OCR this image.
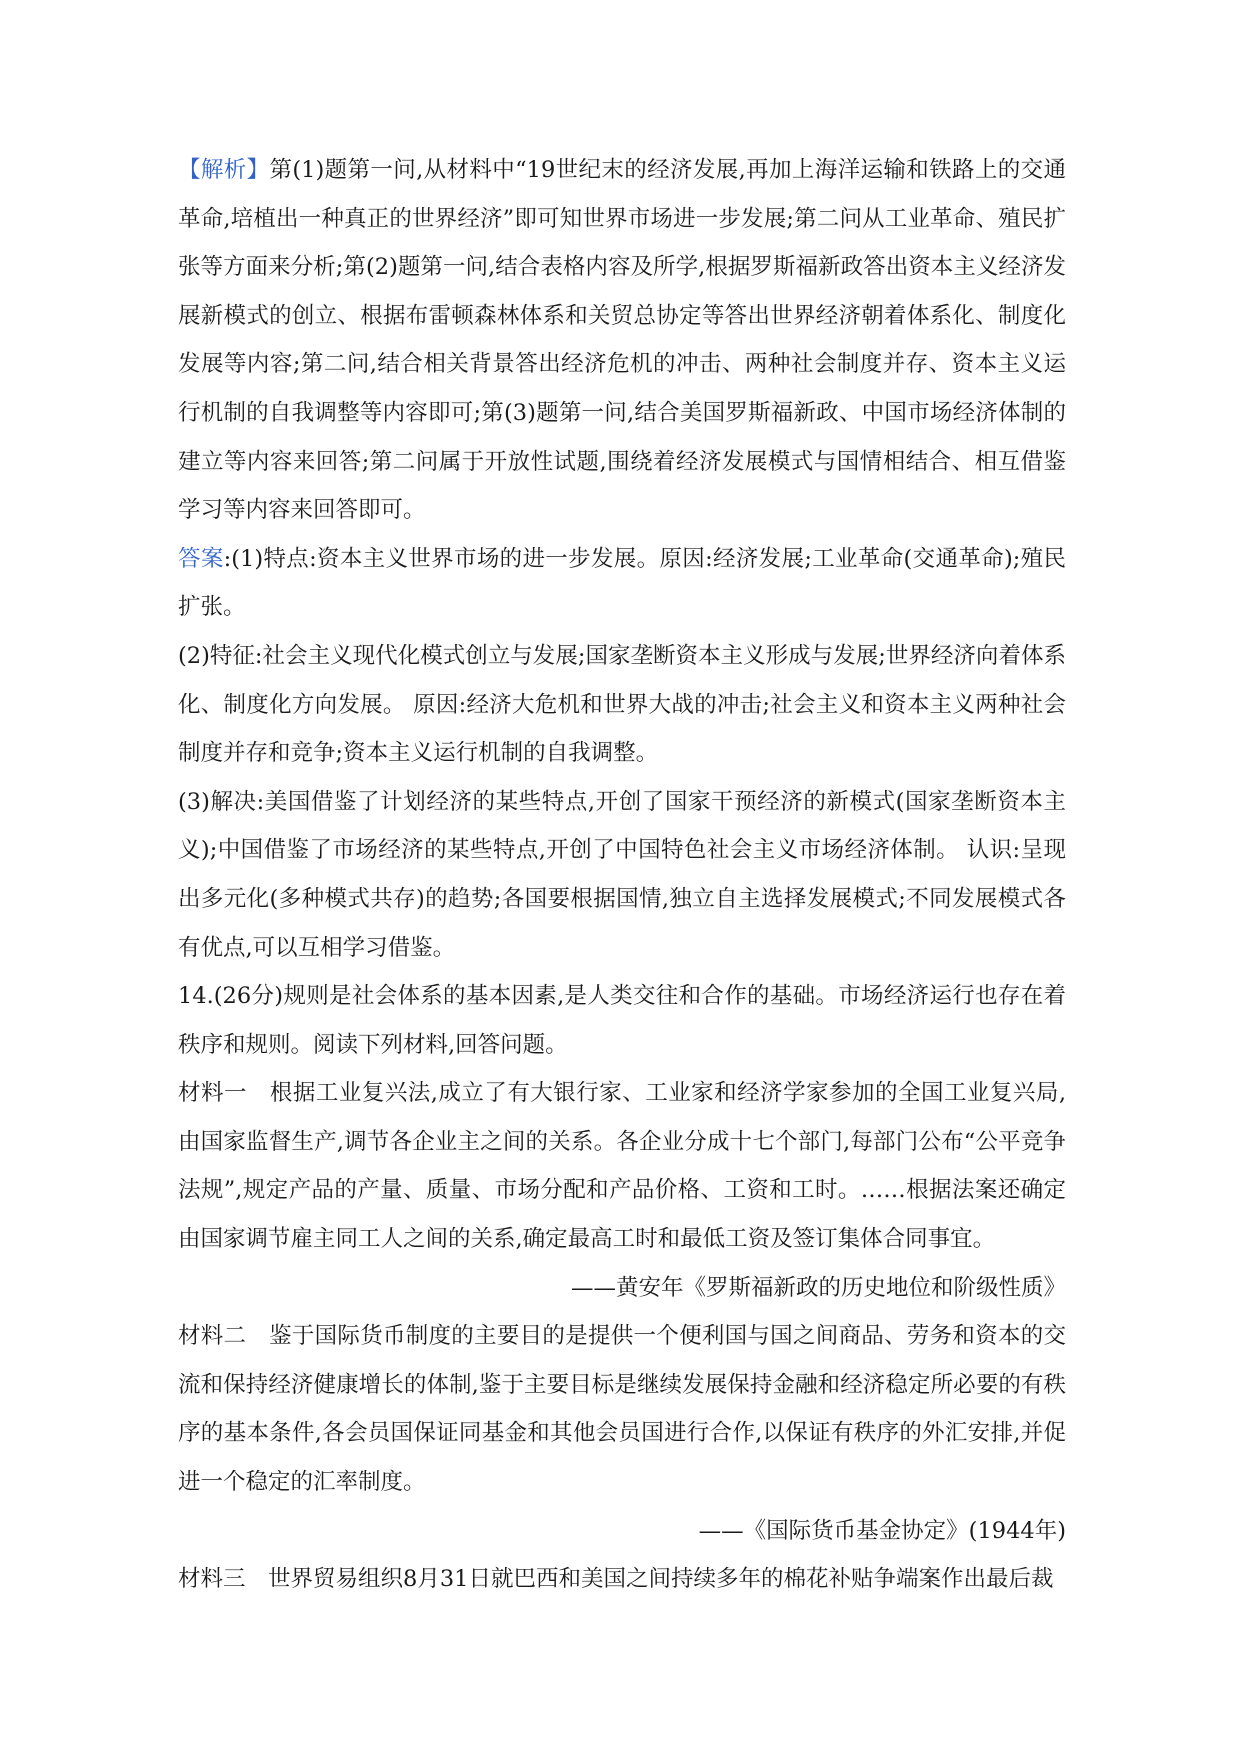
【解析】第(1)题第一问,从材料中“19世纪末的经济发展,再加上海洋运输和铁路上的交通革命,培植出一种真正的世界经济”即可知世界市场进一步发展;第二问从工业革命、殖民扩张等方面来分析;第(2)题第一问,结合表格内容及所学,根据罗斯福新政答出资本主义经济发展新模式的创立、根据布雷顿森林体系和关贸总协定等答出世界经济朝着体系化、制度化发展等内容;第二问,结合相关背景答出经济危机的冲击、两种社会制度并存、资本主义运行机制的自我调整等内容即可;第(3)题第一问,结合美国罗斯福新政、中国市场经济体制的建立等内容来回答;第二问属于开放性试题,围绕着经济发展模式与国情相结合、相互借鉴学习等内容来回答即可。

答案:(1)特点:资本主义世界市场的进一步发展。原因:经济发展;工业革命(交通革命);殖民扩张。

(2)特征:社会主义现代化模式创立与发展;国家垄断资本主义形成与发展;世界经济向着体系化、制度化方向发展。 原因:经济大危机和世界大战的冲击;社会主义和资本主义两种社会制度并存和竞争;资本主义运行机制的自我调整。

(3)解决:美国借鉴了计划经济的某些特点,开创了国家干预经济的新模式(国家垄断资本主义);中国借鉴了市场经济的某些特点,开创了中国特色社会主义市场经济体制。 认识:呈现出多元化(多种模式共存)的趋势;各国要根据国情,独立自主选择发展模式;不同发展模式各有优点,可以互相学习借鉴。

14.(26分)规则是社会体系的基本因素,是人类交往和合作的基础。市场经济运行也存在着秩序和规则。阅读下列材料,回答问题。

材料一　根据工业复兴法,成立了有大银行家、工业家和经济学家参加的全国工业复兴局,由国家监督生产,调节各企业主之间的关系。各企业分成十七个部门,每部门公布“公平竞争法规”,规定产品的产量、质量、市场分配和产品价格、工资和工时。……根据法案还确定由国家调节雇主同工人之间的关系,确定最高工时和最低工资及签订集体合同事宜。

——黄安年《罗斯福新政的历史地位和阶级性质》

材料二　鉴于国际货币制度的主要目的是提供一个便利国与国之间商品、劳务和资本的交流和保持经济健康增长的体制,鉴于主要目标是继续发展保持金融和经济稳定所必要的有秩序的基本条件,各会员国保证同基金和其他会员国进行合作,以保证有秩序的外汇安排,并促进一个稳定的汇率制度。

——《国际货币基金协定》(1944年)

材料三　世界贸易组织8月31日就巴西和美国之间持续多年的棉花补贴争端案作出最后裁
